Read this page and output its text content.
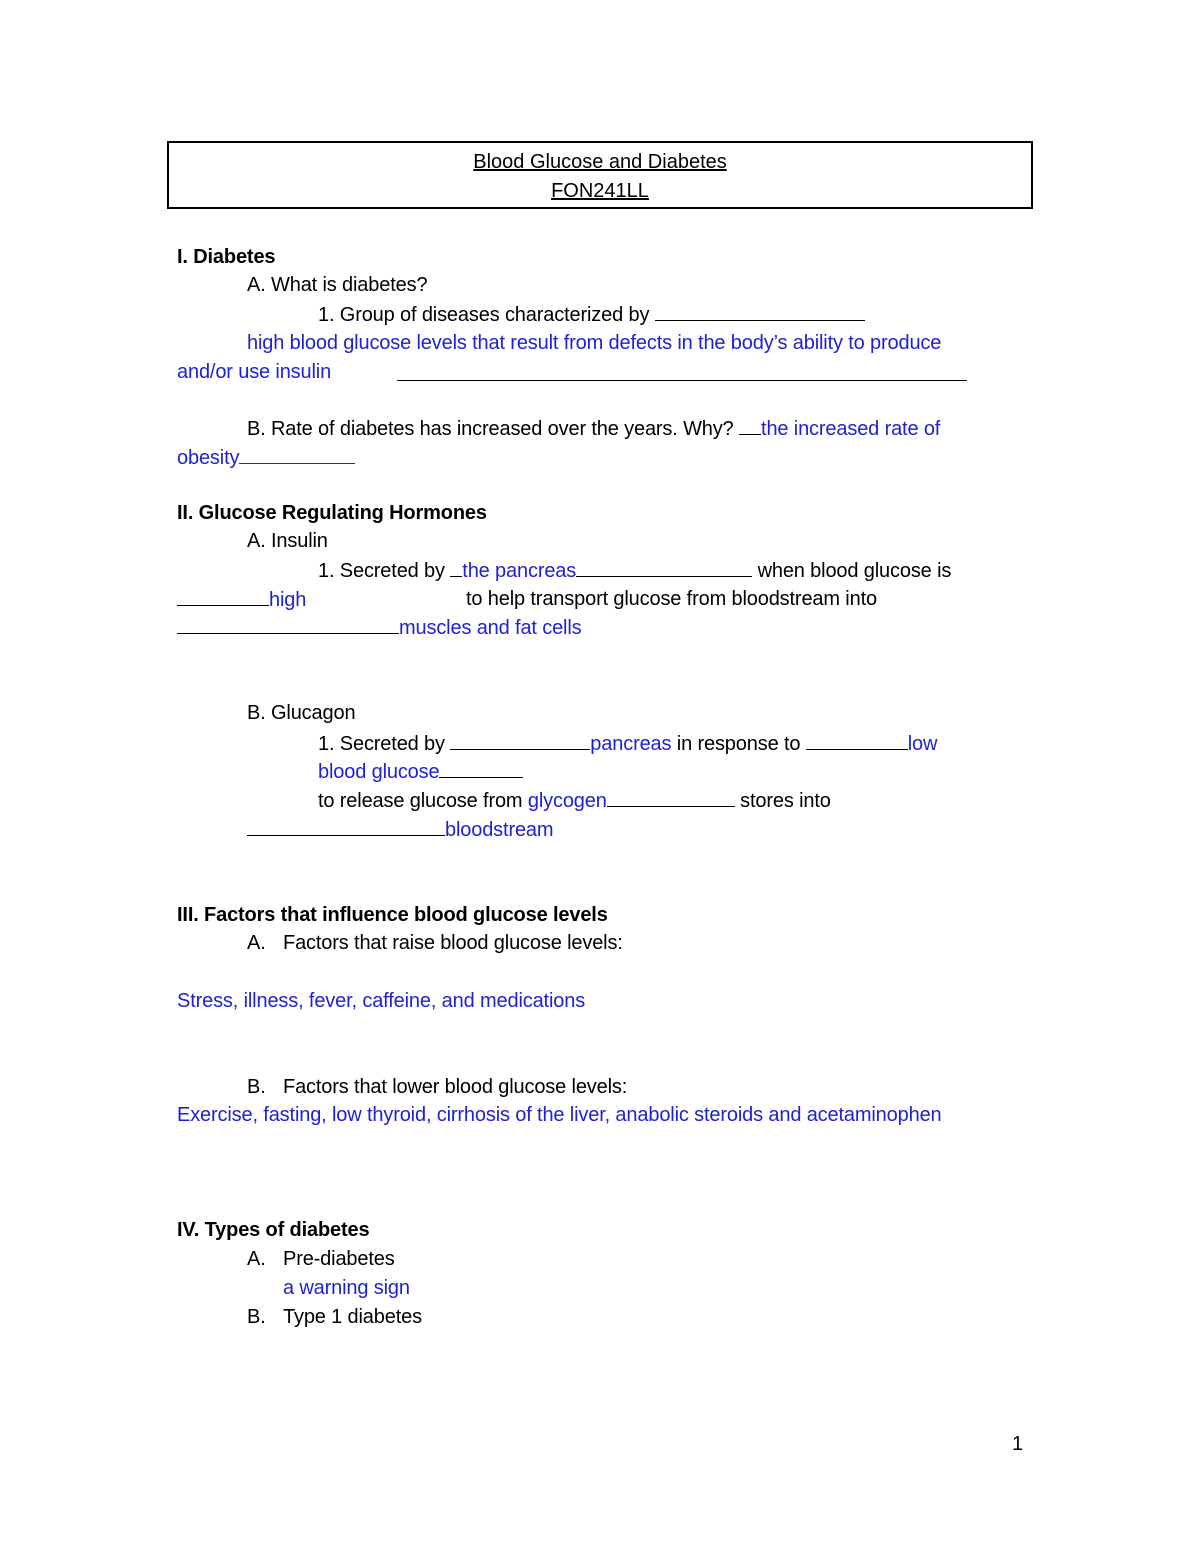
Blood Glucose and Diabetes
FON241LL
I. Diabetes
A. What is diabetes?
1. Group of diseases characterized by
high blood glucose levels that result from defects in the body’s ability to produce
and/or use insulin
B. Rate of diabetes has increased over the years. Why? the increased rate of
obesity
II. Glucose Regulating Hormones
A. Insulin
1. Secreted by the pancreas	when blood glucose is
high	to help transport glucose from bloodstream into
muscles and fat cells
B. Glucagon
1. Secreted by	pancreas in response to	low
blood glucose
to release glucose from glycogen	stores into
bloodstream
III. Factors that influence blood glucose levels
A. Factors that raise blood glucose levels:
Stress, illness, fever, caffeine, and medications
B. Factors that lower blood glucose levels:
Exercise, fasting, low thyroid, cirrhosis of the liver, anabolic steroids and acetaminophen
IV. Types of diabetes
A. Pre-diabetes
a warning sign
B. Type 1 diabetes
1
